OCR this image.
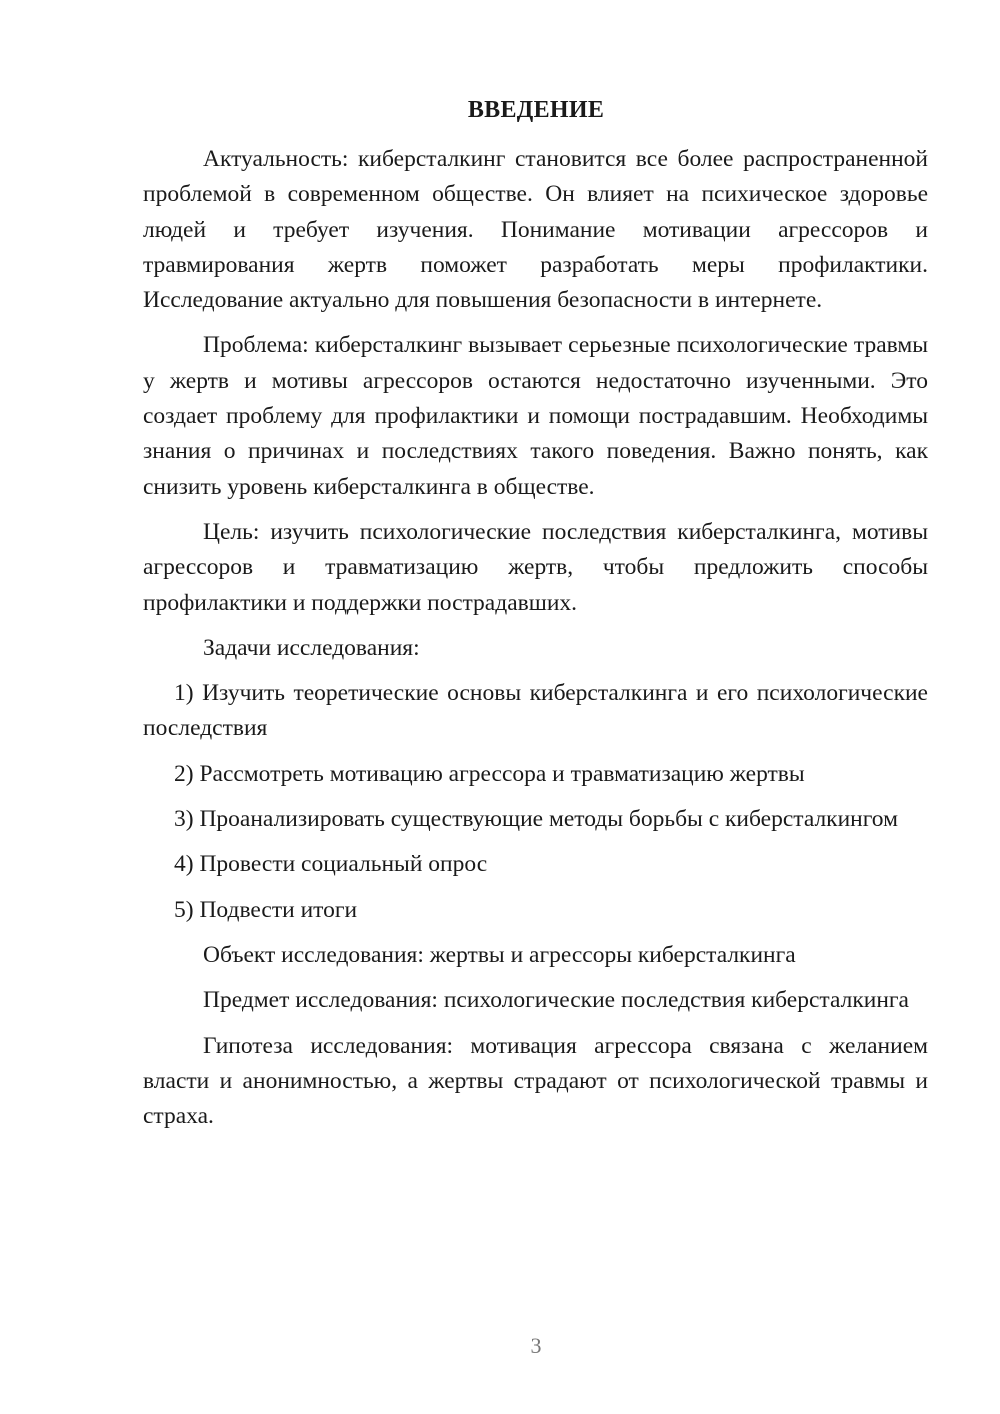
ВВЕДЕНИЕ

Актуальность: киберсталкинг становится все более распространенной проблемой в современном обществе. Он влияет на психическое здоровье людей и требует изучения. Понимание мотивации агрессоров и травмирования жертв поможет разработать меры профилактики. Исследование актуально для повышения безопасности в интернете.

Проблема: киберсталкинг вызывает серьезные психологические травмы у жертв и мотивы агрессоров остаются недостаточно изученными. Это создает проблему для профилактики и помощи пострадавшим. Необходимы знания о причинах и последствиях такого поведения. Важно понять, как снизить уровень киберсталкинга в обществе.

Цель: изучить психологические последствия киберсталкинга, мотивы агрессоров и травматизацию жертв, чтобы предложить способы профилактики и поддержки пострадавших.

Задачи исследования:

1) Изучить теоретические основы киберсталкинга и его психологические последствия

2) Рассмотреть мотивацию агрессора и травматизацию жертвы

3) Проанализировать существующие методы борьбы с киберсталкингом

4) Провести социальный опрос

5) Подвести итоги

Объект исследования: жертвы и агрессоры киберсталкинга

Предмет исследования: психологические последствия киберсталкинга

Гипотеза исследования: мотивация агрессора связана с желанием власти и анонимностью, а жертвы страдают от психологической травмы и страха.

3
